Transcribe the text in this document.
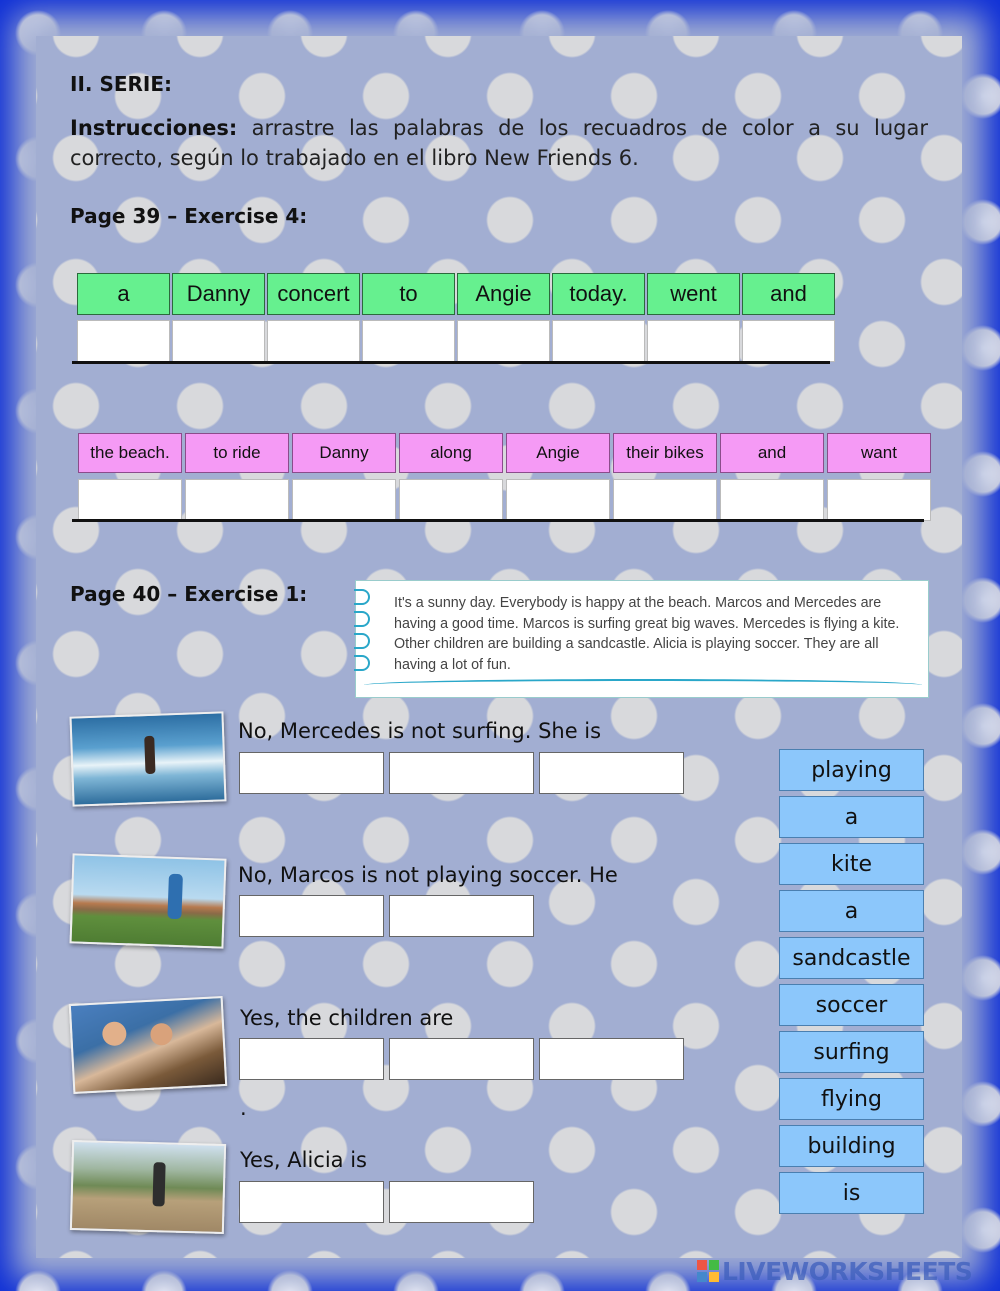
II. SERIE:
Instrucciones: arrastre las palabras de los recuadros de color a su lugar correcto, según lo trabajado en el libro New Friends 6.
Page 39 – Exercise 4:
a	Danny	concert	to	Angie	today.	went	and
the beach.	to ride	Danny	along	Angie	their bikes	and	want
Page 40 – Exercise 1:	It's a sunny day. Everybody is happy at the beach. Marcos and Mercedes are having a good time. Marcos is surfing great big waves. Mercedes is flying a kite. Other children are building a sandcastle. Alicia is playing soccer. They are all having a lot of fun.

No, Mercedes is not surfing. She is
No, Marcos is not playing soccer. He
Yes, the children are
.
Yes, Alicia is
playing
a
kite
a
sandcastle
soccer
surfing
flying
building
is
LIVEWORKSHEETS
